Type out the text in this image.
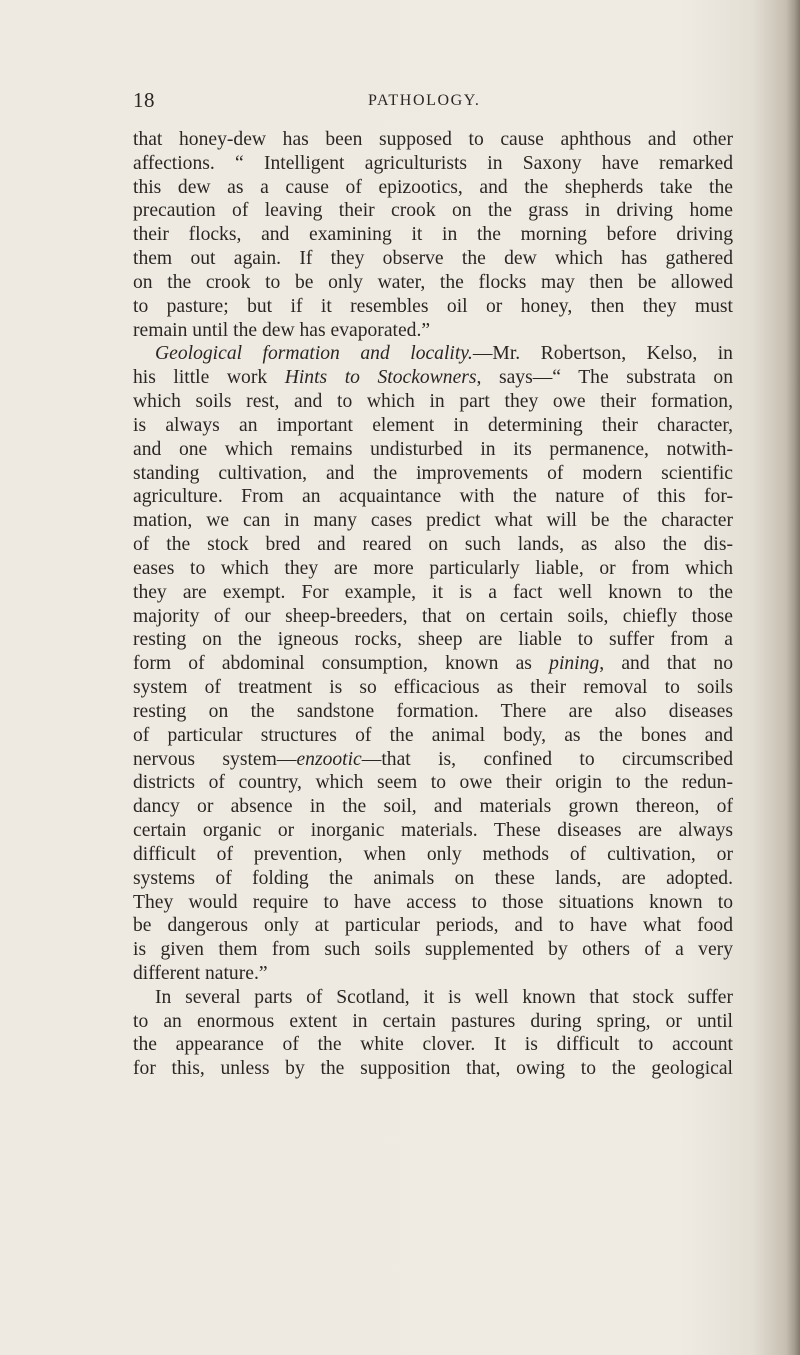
18	PATHOLOGY.
that honey-dew has been supposed to cause aphthous and other
affections. “ Intelligent agriculturists in Saxony have remarked
this dew as a cause of epizootics, and the shepherds take the
precaution of leaving their crook on the grass in driving home
their flocks, and examining it in the morning before driving
them out again. If they observe the dew which has gathered
on the crook to be only water, the flocks may then be allowed
to pasture; but if it resembles oil or honey, then they must
remain until the dew has evaporated.”
Geological formation and locality.—Mr. Robertson, Kelso, in
his little work Hints to Stockowners, says—“ The substrata on
which soils rest, and to which in part they owe their formation,
is always an important element in determining their character,
and one which remains undisturbed in its permanence, notwith-
standing cultivation, and the improvements of modern scientific
agriculture. From an acquaintance with the nature of this for-
mation, we can in many cases predict what will be the character
of the stock bred and reared on such lands, as also the dis-
eases to which they are more particularly liable, or from which
they are exempt. For example, it is a fact well known to the
majority of our sheep-breeders, that on certain soils, chiefly those
resting on the igneous rocks, sheep are liable to suffer from a
form of abdominal consumption, known as pining, and that no
system of treatment is so efficacious as their removal to soils
resting on the sandstone formation. There are also diseases
of particular structures of the animal body, as the bones and
nervous system—enzootic—that is, confined to circumscribed
districts of country, which seem to owe their origin to the redun-
dancy or absence in the soil, and materials grown thereon, of
certain organic or inorganic materials. These diseases are always
difficult of prevention, when only methods of cultivation, or
systems of folding the animals on these lands, are adopted.
They would require to have access to those situations known to
be dangerous only at particular periods, and to have what food
is given them from such soils supplemented by others of a very
different nature.”
In several parts of Scotland, it is well known that stock suffer
to an enormous extent in certain pastures during spring, or until
the appearance of the white clover. It is difficult to account
for this, unless by the supposition that, owing to the geological
